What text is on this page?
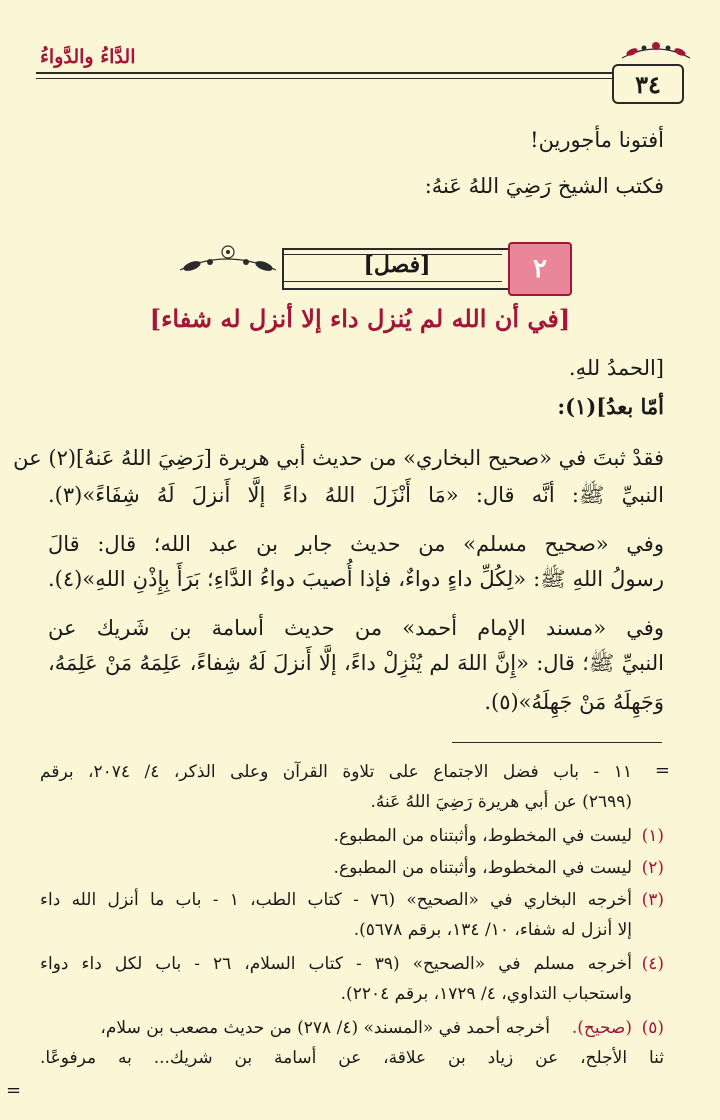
الدَّاءُ والدَّواءُ
٣٤
أفتونا مأجورين!
فكتب الشيخ رَضِيَ اللهُ عَنهُ:
[فصل]	٢
[في أن الله لم يُنزل داء إلا أنزل له شفاء]
[الحمدُ للهِ.
أمّا بعدُ](١):
فقدْ ثبتَ في «صحيح البخاري» من حديث أبي هريرة [رَضِيَ اللهُ عَنهُ](٢) عن
النبيِّ ﷺ: أنَّه قال: «مَا أَنْزَلَ اللهُ داءً إلَّا أَنزلَ لَهُ شِفَاءً»(٣).
وفي «صحيح مسلم» من حديث جابر بن عبد الله؛ قال: قالَ
رسولُ اللهِ ﷺ: «لِكُلِّ داءٍ دواءٌ، فإذا أُصيبَ دواءُ الدَّاءِ؛ بَرَأَ بِإِذْنِ اللهِ»(٤).
وفي «مسند الإمام أحمد» من حديث أسامة بن شَريك عن
النبيِّ ﷺ؛ قال: «إِنَّ اللهَ لم يُنْزِلْ داءً، إلَّا أَنزلَ لَهُ شِفاءً، عَلِمَهُ مَنْ عَلِمَهُ،
وَجَهِلَهُ مَنْ جَهِلَهُ»(٥).
=
١١ - باب فضل الاجتماع على تلاوة القرآن وعلى الذكر، ٤/ ٢٠٧٤، برقم
(٢٦٩٩) عن أبي هريرة رَضِيَ اللهُ عَنهُ.
(١)
ليست في المخطوط، وأثبتناه من المطبوع.
(٢)
ليست في المخطوط، وأثبتناه من المطبوع.
(٣)
أخرجه البخاري في «الصحيح» (٧٦ - كتاب الطب، ١ - باب ما أنزل الله داء
إلا أنزل له شفاء، ١٠/ ١٣٤، برقم ٥٦٧٨).
(٤)
أخرجه مسلم في «الصحيح» (٣٩ - كتاب السلام، ٢٦ - باب لكل داء دواء
واستحباب التداوي، ٤/ ١٧٢٩، برقم ٢٢٠٤).
(٥)
(صحيح).
أخرجه أحمد في «المسند» (٤/ ٢٧٨) من حديث مصعب بن سلام،
ثنا الأجلح، عن زياد بن علاقة، عن أسامة بن شريك... به مرفوعًا.
=
